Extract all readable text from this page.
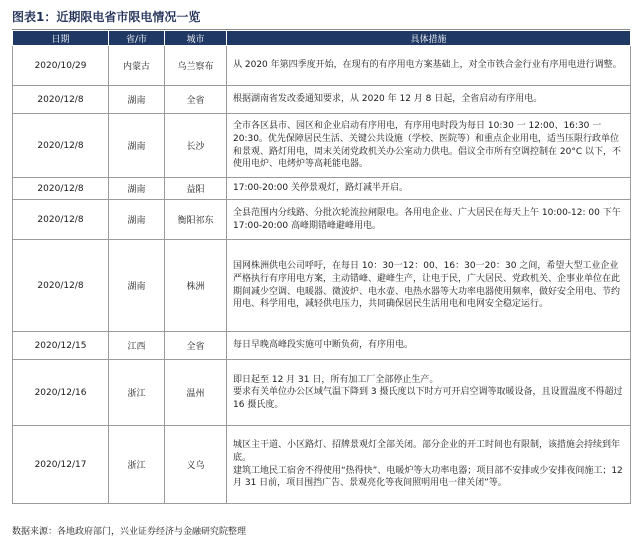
图表1：近期限电省市限电情况一览
日期	省/市	城市	具体措施
2020/10/29	内蒙古	乌兰察布	从 2020 年第四季度开始，在现有的有序用电方案基础上，对全市铁合金行业有序用电进行调整。
2020/12/8	湖南	全省	根据湖南省发改委通知要求，从 2020 年 12 月 8 日起，全省启动有序用电。
2020/12/8	湖南	长沙	全市各区县市、园区和企业启动有序用电，有序用电时段为每日 10:30 一 12:00、16:30 一 20:30。优先保障居民生活、关键公共设施（学校、医院等）和重点企业用电，适当压限行政单位和景观、路灯用电，周末关闭党政机关办公室动力供电。倡议全市所有空调控制在 20°C 以下，不使用电炉、电烤炉等高耗能电器。
2020/12/8	湖南	益阳	17:00-20:00 关停景观灯，路灯减半开启。
2020/12/8	湖南	衡阳祁东	全县范围内分线路、分批次轮流拉闸限电。各用电企业、广大居民在每天上午 10:00-12: 00 下午 17:00-20:00 高峰期错峰避峰用电。
2020/12/8	湖南	株洲	国网株洲供电公司呼吁，在每日 10：30一12：00、16：30一20：30 之间，希望大型工业企业严格执行有序用电方案，主动错峰、避峰生产，让电于民，广大居民、党政机关、企事业单位在此期间减少空调、电暖器、微波炉、电水壶、电热水器等大功率电器使用频率，做好安全用电、节约用电、科学用电，减轻供电压力，共同确保居民生活用电和电网安全稳定运行。
2020/12/15	江西	全省	每日早晚高峰段实施可中断负荷，有序用电。
2020/12/16	浙江	温州	即日起至 12 月 31 日，所有加工厂全部停止生产。
要求有关单位办公区域气温下降到 3 摄氏度以下时方可开启空调等取暖设备，且设置温度不得超过 16 摄氏度。
2020/12/17	浙江	义乌	城区主干道、小区路灯、招牌景观灯全部关闭。部分企业的开工时间也有限制，该措施会持续到年底。
建筑工地民工宿舍不得使用“热得快”、电暖炉等大功率电器；项目部不安排或少安排夜间施工；12 月 31 日前，项目围挡广告、景观亮化等夜间照明用电一律关闭”等。
数据来源：各地政府部门，兴业证券经济与金融研究院整理
